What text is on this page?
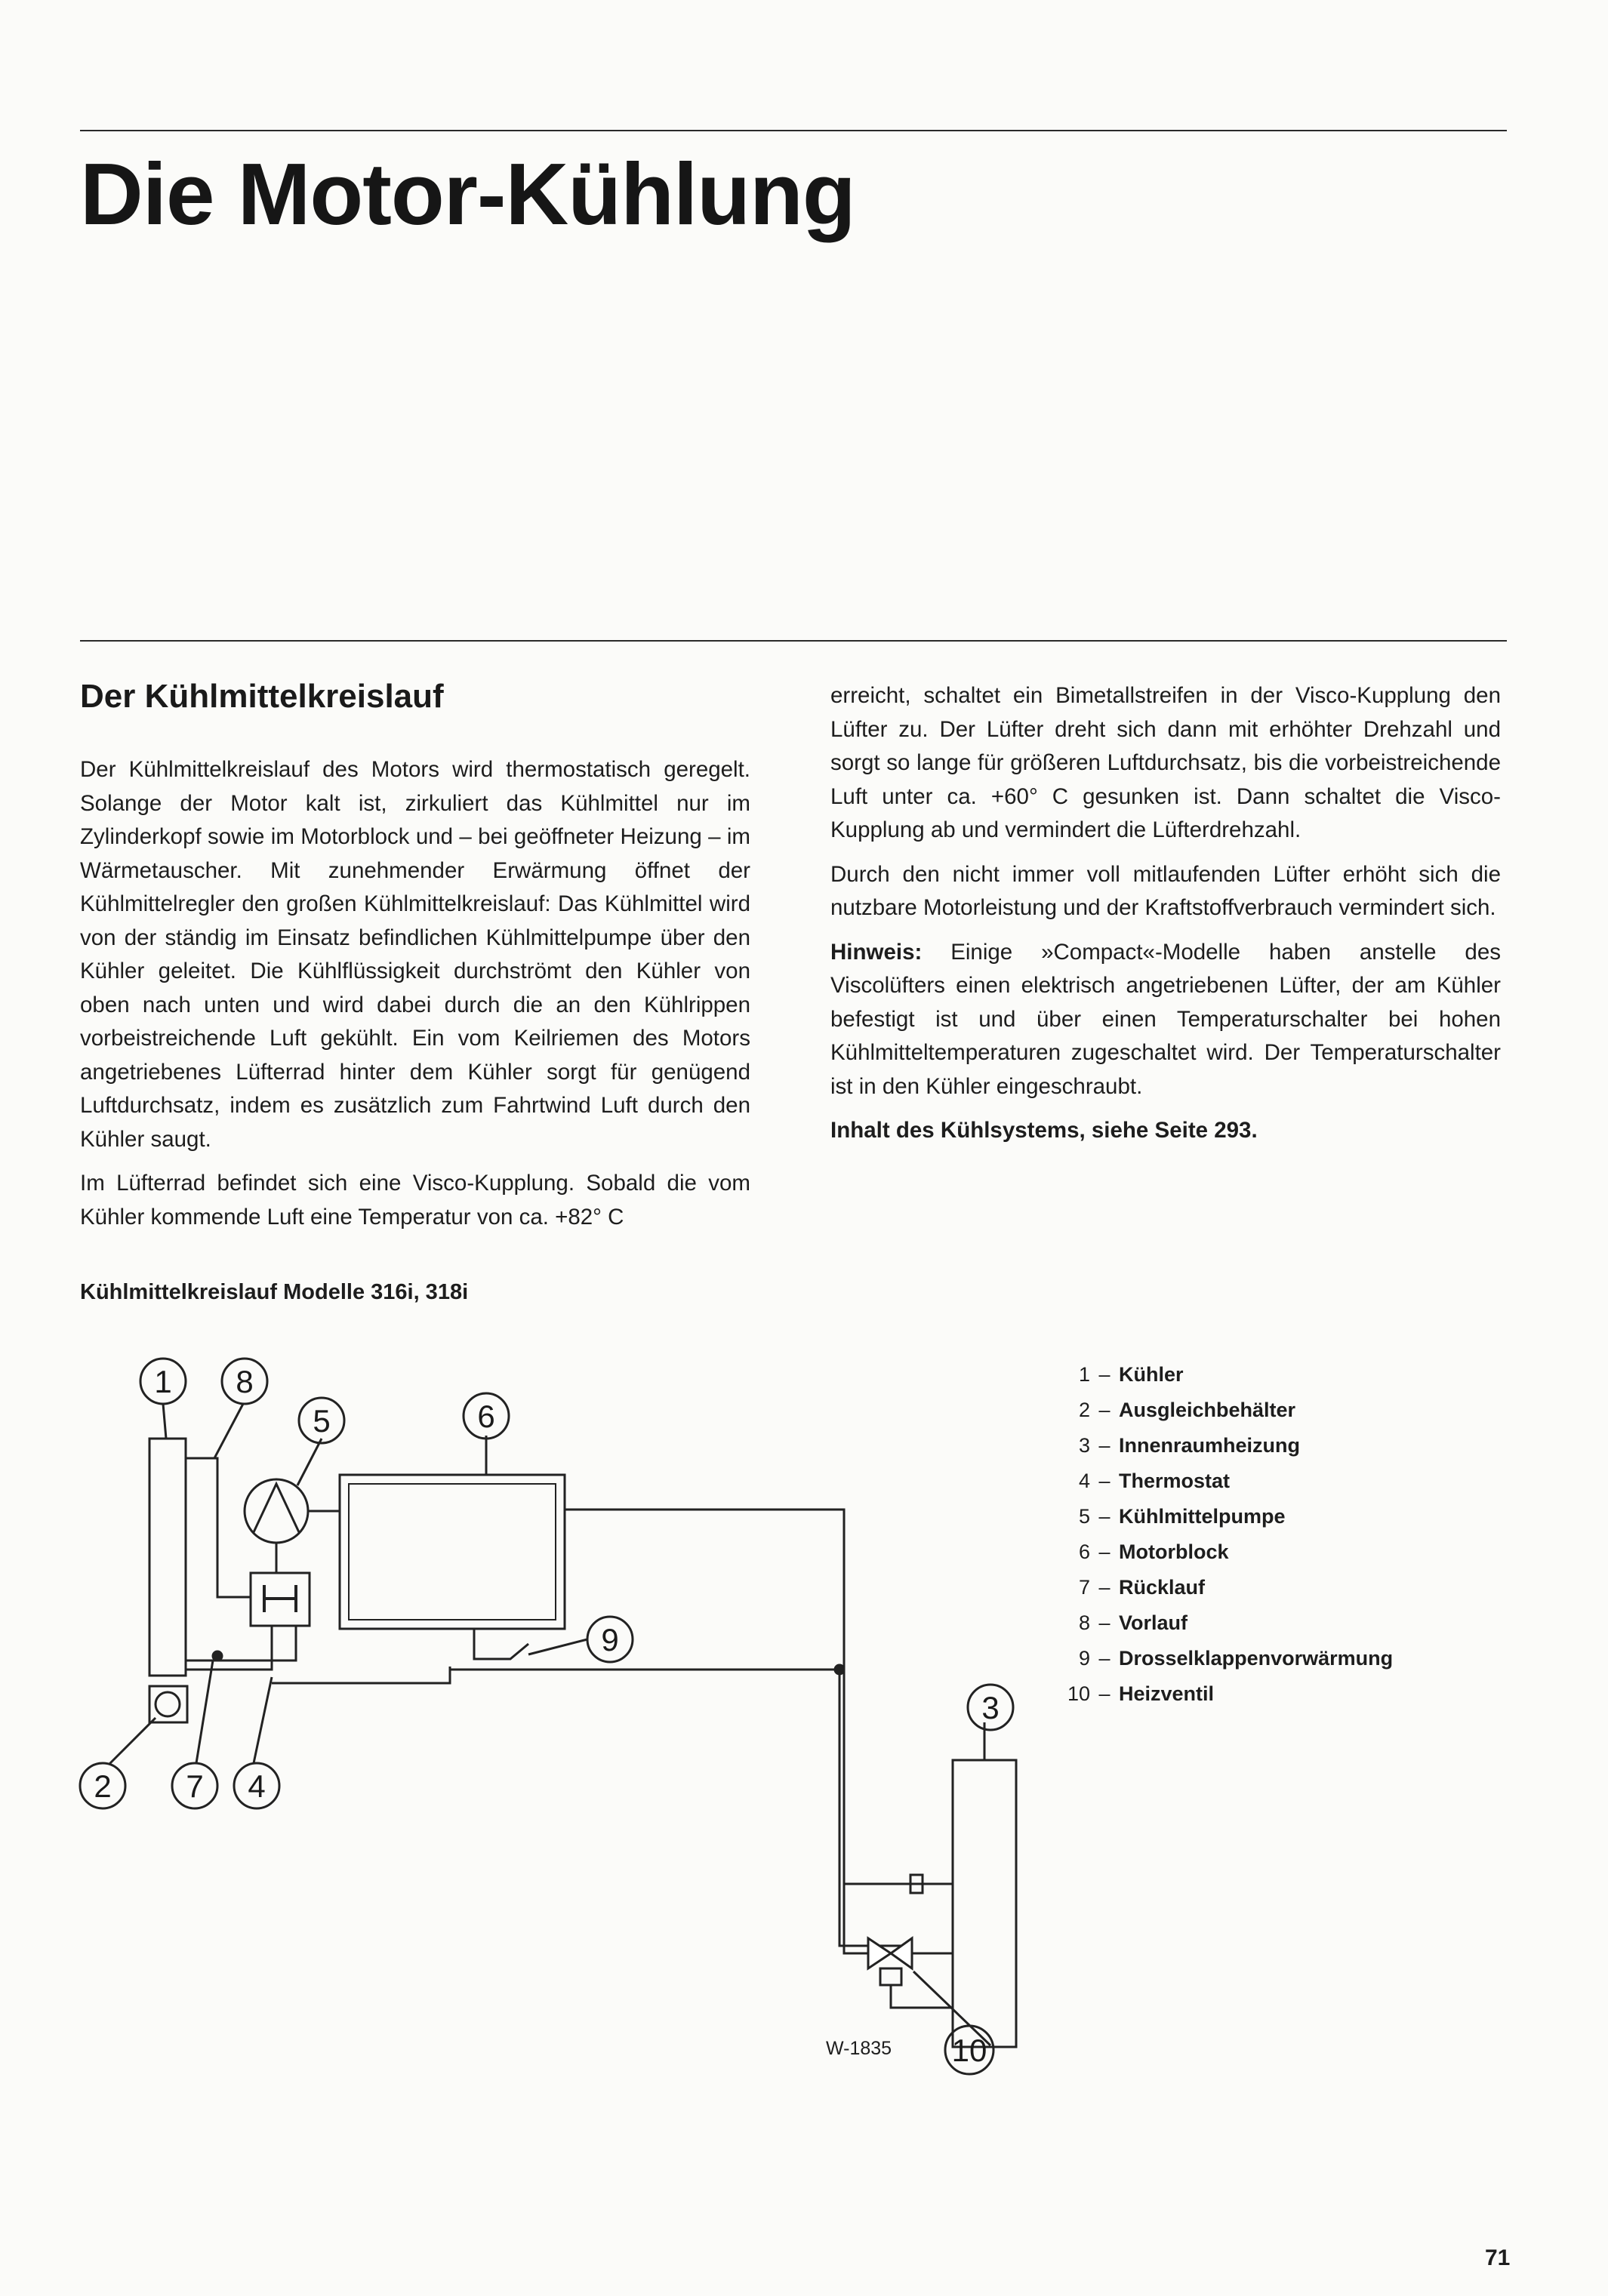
Die Motor-Kühlung
Der Kühlmittelkreislauf

Der Kühlmittelkreislauf des Motors wird thermostatisch geregelt. Solange der Motor kalt ist, zirkuliert das Kühlmittel nur im Zylinderkopf sowie im Motorblock und – bei geöffneter Heizung – im Wärmetauscher. Mit zunehmender Erwärmung öffnet der Kühlmittelregler den großen Kühlmittelkreislauf: Das Kühlmittel wird von der ständig im Einsatz befindlichen Kühlmittelpumpe über den Kühler geleitet. Die Kühlflüssigkeit durchströmt den Kühler von oben nach unten und wird dabei durch die an den Kühlrippen vorbeistreichende Luft gekühlt. Ein vom Keilriemen des Motors angetriebenes Lüfterrad hinter dem Kühler sorgt für genügend Luftdurchsatz, indem es zusätzlich zum Fahrtwind Luft durch den Kühler saugt.

Im Lüfterrad befindet sich eine Visco-Kupplung. Sobald die vom Kühler kommende Luft eine Temperatur von ca. +82° C

erreicht, schaltet ein Bimetallstreifen in der Visco-Kupplung den Lüfter zu. Der Lüfter dreht sich dann mit erhöhter Drehzahl und sorgt so lange für größeren Luftdurchsatz, bis die vorbeistreichende Luft unter ca. +60° C gesunken ist. Dann schaltet die Visco-Kupplung ab und vermindert die Lüfterdrehzahl.

Durch den nicht immer voll mitlaufenden Lüfter erhöht sich die nutzbare Motorleistung und der Kraftstoffverbrauch vermindert sich.

Hinweis: Einige »Compact«-Modelle haben anstelle des Viscolüfters einen elektrisch angetriebenen Lüfter, der am Kühler befestigt ist und über einen Temperaturschalter bei hohen Kühlmitteltemperaturen zugeschaltet wird. Der Temperaturschalter ist in den Kühler eingeschraubt.

Inhalt des Kühlsystems, siehe Seite 293.

Kühlmittelkreislauf Modelle 316i, 318i

1 8
5	6
9
2 7 4
3
10
1 – Kühler
2 – Ausgleichbehälter
3 – Innenraumheizung
4 – Thermostat
5 – Kühlmittelpumpe
6 – Motorblock
7 – Rücklauf
8 – Vorlauf
9 – Drosselklappenvorwärmung
10 – Heizventil
W-1835
71
